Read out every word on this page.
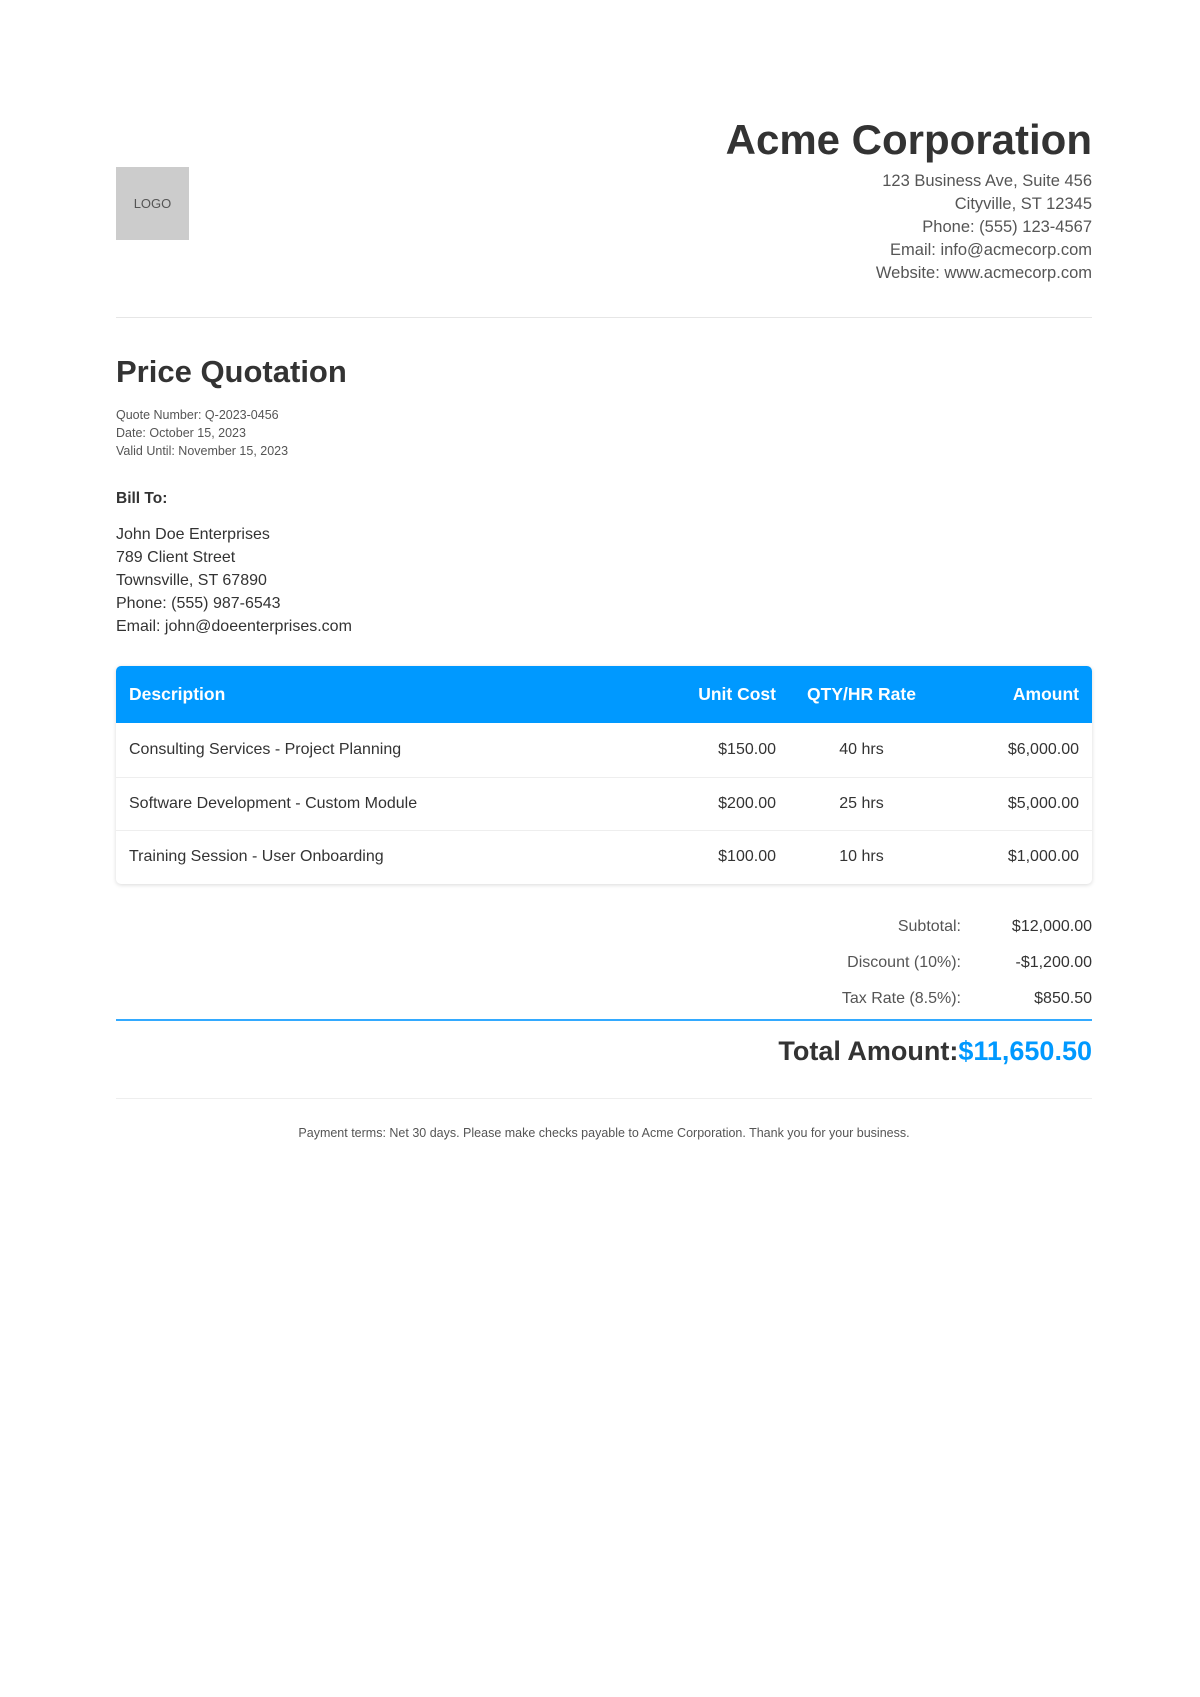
LOGO
Acme Corporation
123 Business Ave, Suite 456
Cityville, ST 12345
Phone: (555) 123-4567
Email: info@acmecorp.com
Website: www.acmecorp.com
Price Quotation
Quote Number: Q-2023-0456
Date: October 15, 2023
Valid Until: November 15, 2023
Bill To:
John Doe Enterprises
789 Client Street
Townsville, ST 67890
Phone: (555) 987-6543
Email: john@doeenterprises.com
Description	Unit Cost	QTY/HR Rate	Amount
Consulting Services - Project Planning	$150.00	40 hrs	$6,000.00
Software Development - Custom Module	$200.00	25 hrs	$5,000.00
Training Session - User Onboarding	$100.00	10 hrs	$1,000.00
Subtotal:	$12,000.00
Discount (10%):	-$1,200.00
Tax Rate (8.5%):	$850.50
Total Amount:$11,650.50
Payment terms: Net 30 days. Please make checks payable to Acme Corporation. Thank you for your business.
